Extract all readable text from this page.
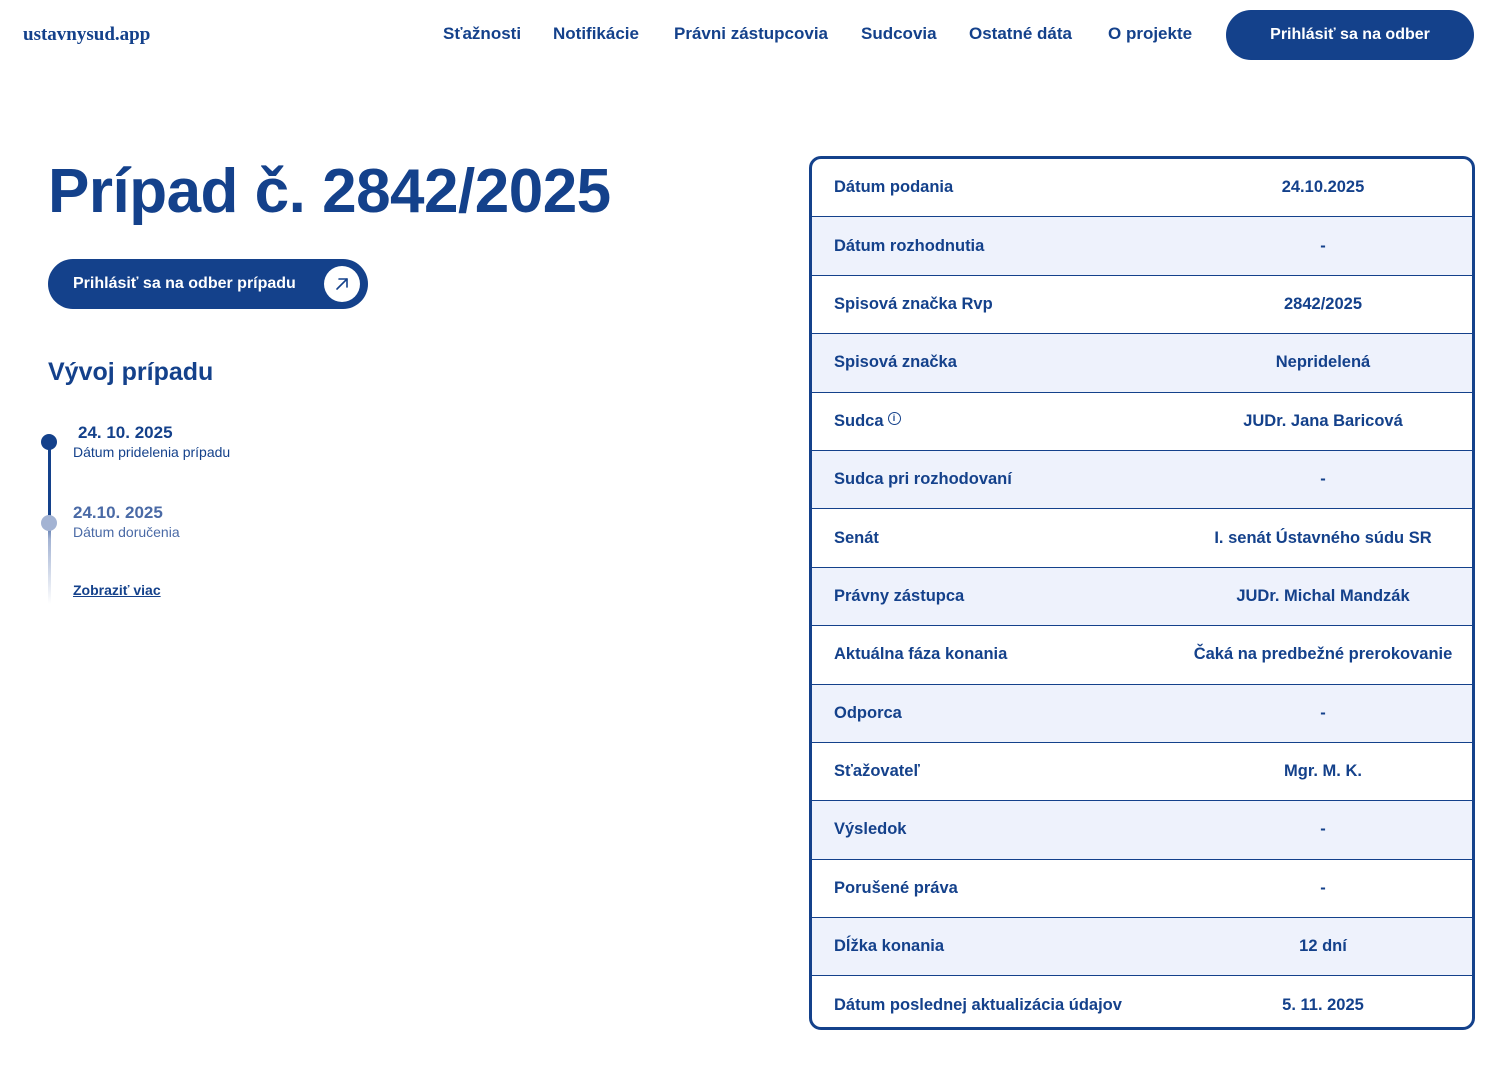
ustavnysud.app	Sťažnosti Notifikácie Právni zástupcovia Sudcovia Ostatné dáta O projekte	Prihlásiť sa na odber
Prípad č. 2842/2025
Prihlásiť sa na odber prípadu
Vývoj prípadu
24. 10. 2025
Dátum pridelenia prípadu
24.10. 2025
Dátum doručenia
Zobraziť viac
Dátum podania	24.10.2025
Dátum rozhodnutia	-
Spisová značka Rvp	2842/2025
Spisová značka	Nepridelená
Sudca i	JUDr. Jana Baricová
Sudca pri rozhodovaní	-
Senát	I. senát Ústavného súdu SR
Právny zástupca	JUDr. Michal Mandzák
Aktuálna fáza konania	Čaká na predbežné prerokovanie
Odporca	-
Sťažovateľ	Mgr. M. K.
Výsledok	-
Porušené práva	-
Dĺžka konania	12 dní
Dátum poslednej aktualizácia údajov	5. 11. 2025
